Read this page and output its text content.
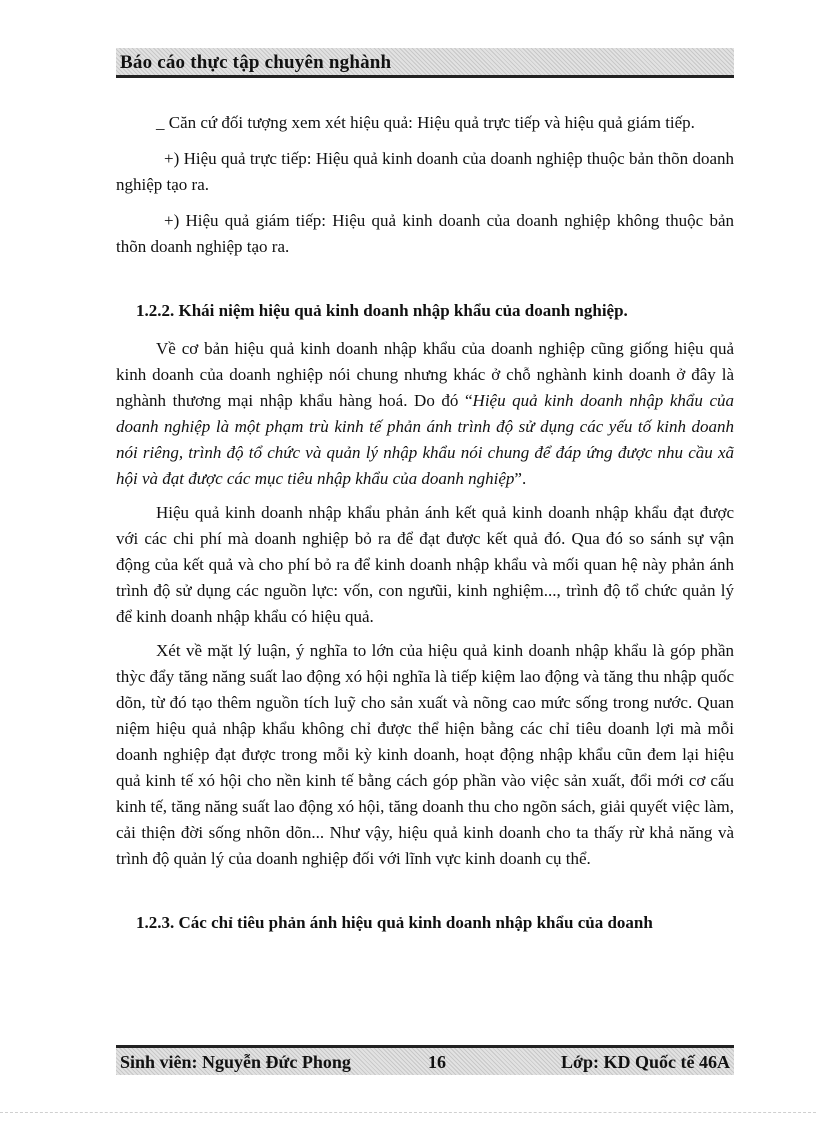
Báo cáo thực tập chuyên nghành

_ Căn cứ đối tượng xem xét hiệu quả: Hiệu quả trực tiếp và hiệu quả giám tiếp.

+) Hiệu quả trực tiếp: Hiệu quả kinh doanh của doanh nghiệp thuộc bản thõn doanh nghiệp tạo ra.

+) Hiệu quả giám tiếp: Hiệu quả kinh doanh của doanh nghiệp không thuộc bản thõn doanh nghiệp tạo ra.

1.2.2. Khái niệm hiệu quả kinh doanh nhập khẩu của doanh nghiệp.

Về cơ bản hiệu quả kinh doanh nhập khẩu của doanh nghiệp cũng giống hiệu quả kinh doanh của doanh nghiệp nói chung nhưng khác ở chỗ nghành kinh doanh ở đây là nghành thương mại nhập khẩu hàng hoá. Do đó “Hiệu quả kinh doanh nhập khẩu của doanh nghiệp là một phạm trù kinh tế phản ánh trình độ sử dụng các yếu tố kinh doanh nói riêng, trình độ tổ chức và quản lý nhập khẩu nói chung để đáp ứng được nhu cầu xã hội và đạt được các mục tiêu nhập khẩu của doanh nghiệp”.

Hiệu quả kinh doanh nhập khẩu phản ánh kết quả kinh doanh nhập khẩu đạt được với các chi phí mà doanh nghiệp bỏ ra để đạt được kết quả đó. Qua đó so sánh sự vận động của kết quả và cho phí bỏ ra để kinh doanh nhập khẩu và mối quan hệ này phản ánh trình độ sử dụng các nguồn lực: vốn, con ngưũi, kinh nghiệm..., trình độ tổ chức quản lý để kinh doanh nhập khẩu có hiệu quả.

Xét về mặt lý luận, ý nghĩa to lớn của hiệu quả kinh doanh nhập khẩu là góp phần thỳc đẩy tăng năng suất lao động xó hội nghĩa là tiếp kiệm lao động và tăng thu nhập quốc dõn, từ đó tạo thêm nguồn tích luỹ cho sản xuất và nõng cao mức sống trong nước. Quan niệm hiệu quả nhập khẩu không chỉ được thể hiện bằng các chỉ tiêu doanh lợi mà mỗi doanh nghiệp đạt được trong mỗi kỳ kinh doanh, hoạt động nhập khẩu cũn đem lại hiệu quả kinh tế xó hội cho nền kinh tế bằng cách góp phần vào việc sản xuất, đổi mới cơ cấu kinh tế, tăng năng suất lao động xó hội, tăng doanh thu cho ngõn sách, giải quyết việc làm, cải thiện đời sống nhõn dõn... Như vậy, hiệu quả kinh doanh cho ta thấy rừ khả năng và trình độ quản lý của doanh nghiệp đối với lĩnh vực kinh doanh cụ thể.

1.2.3. Các chỉ tiêu phản ánh hiệu quả kinh doanh nhập khẩu của doanh

Sinh viên: Nguyễn Đức Phong	16	Lớp: KD Quốc tế 46A
